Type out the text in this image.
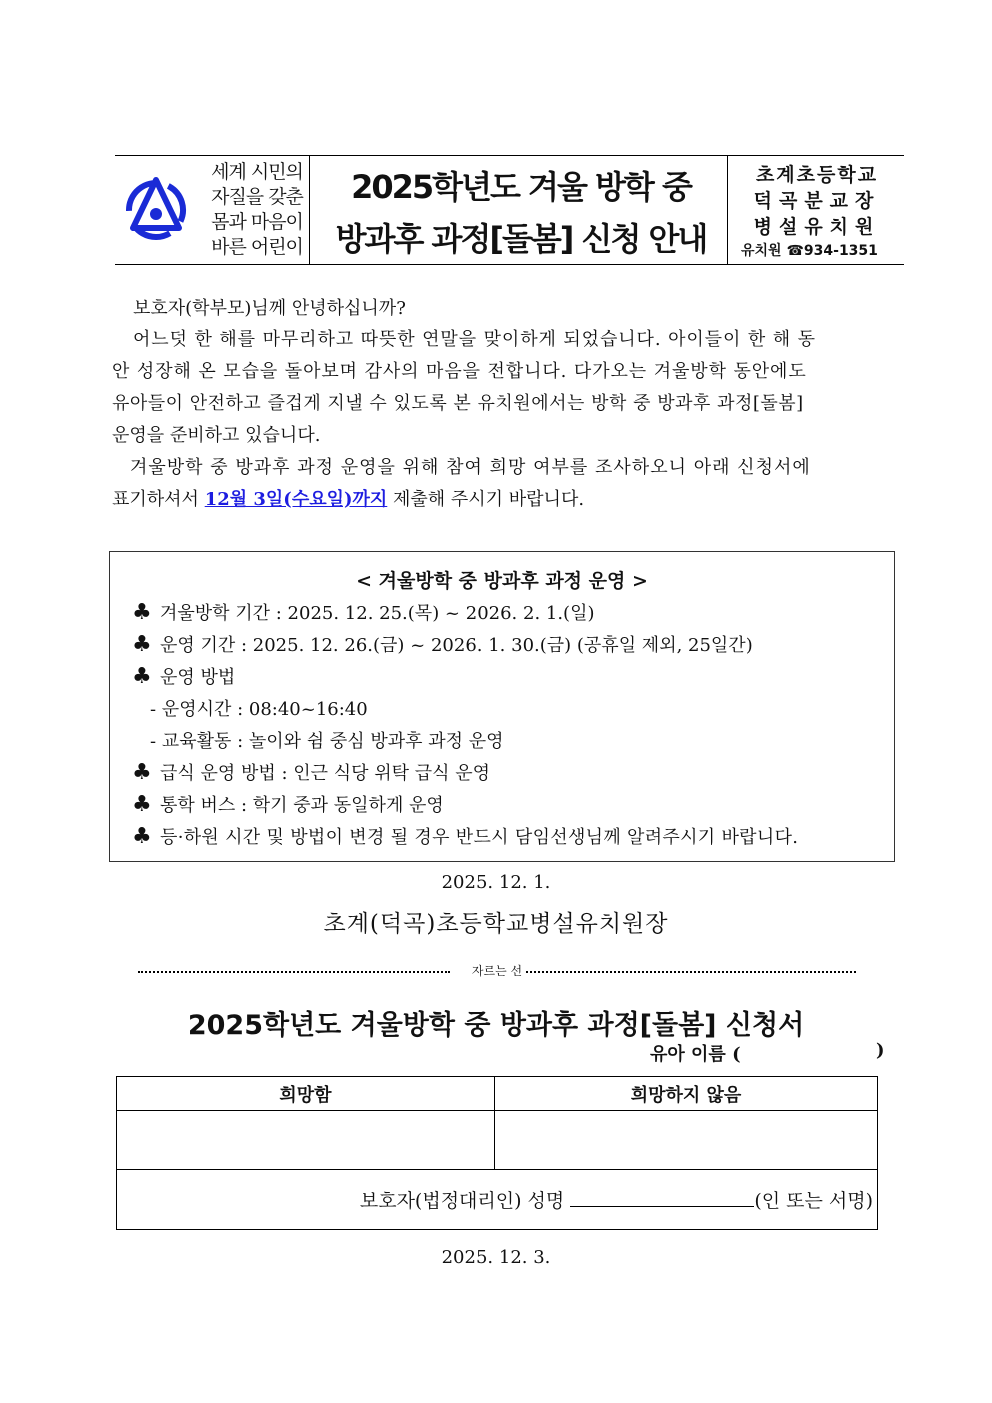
세계 시민의
자질을 갖춘
몸과 마음이
바른 어린이
2025학년도 겨울 방학 중
방과후 과정[돌봄] 신청 안내
초계초등학교
덕곡분교장
병설유치원
유치원 ☎934-1351
보호자(학부모)님께 안녕하십니까?
어느덧 한 해를 마무리하고 따뜻한 연말을 맞이하게 되었습니다. 아이들이 한 해 동
안 성장해 온 모습을 돌아보며 감사의 마음을 전합니다. 다가오는 겨울방학 동안에도
유아들이 안전하고 즐겁게 지낼 수 있도록 본 유치원에서는 방학 중 방과후 과정[돌봄]
운영을 준비하고 있습니다.
겨울방학 중 방과후 과정 운영을 위해 참여 희망 여부를 조사하오니 아래 신청서에
표기하셔서 12월 3일(수요일)까지 제출해 주시기 바랍니다.
< 겨울방학 중 방과후 과정 운영 >
♣ 겨울방학 기간 : 2025. 12. 25.(목) ~ 2026. 2. 1.(일)
♣ 운영 기간 : 2025. 12. 26.(금) ~ 2026. 1. 30.(금) (공휴일 제외, 25일간)
♣ 운영 방법
- 운영시간 : 08:40~16:40
- 교육활동 : 놀이와 쉼 중심 방과후 과정 운영
♣ 급식 운영 방법 : 인근 식당 위탁 급식 운영
♣ 통학 버스 : 학기 중과 동일하게 운영
♣ 등·하원 시간 및 방법이 변경 될 경우 반드시 담임선생님께 알려주시기 바랍니다.
2025. 12. 1.
초계(덕곡)초등학교병설유치원장
자르는 선
2025학년도 겨울방학 중 방과후 과정[돌봄] 신청서
유아 이름 (	)
희망함	희망하지 않음

보호자(법정대리인) 성명 (인 또는 서명)	
2025. 12. 3.
